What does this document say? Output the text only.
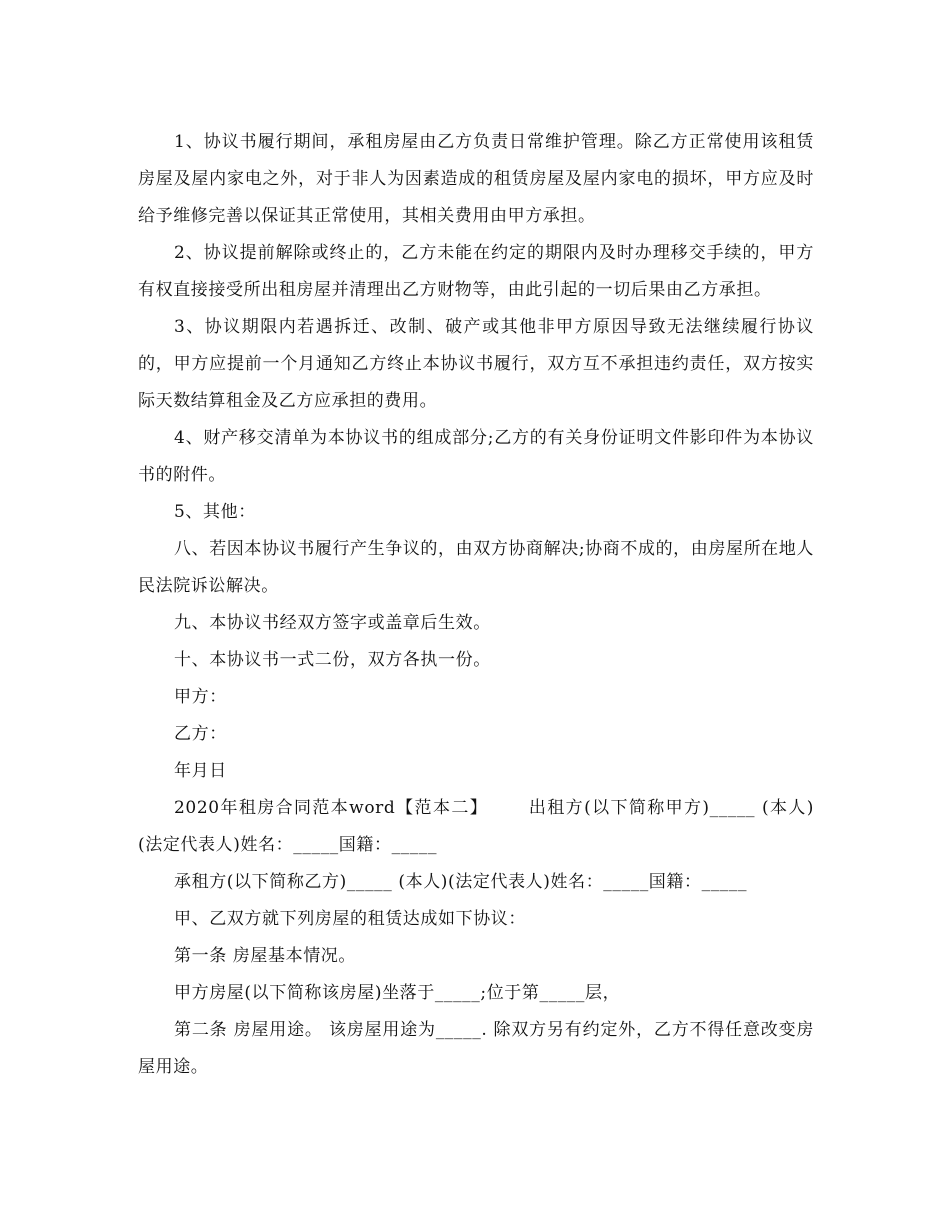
1、协议书履行期间，承租房屋由乙方负责日常维护管理。除乙方正常使用该租赁房屋及屋内家电之外，对于非人为因素造成的租赁房屋及屋内家电的损坏，甲方应及时给予维修完善以保证其正常使用，其相关费用由甲方承担。

2、协议提前解除或终止的，乙方未能在约定的期限内及时办理移交手续的，甲方有权直接接受所出租房屋并清理出乙方财物等，由此引起的一切后果由乙方承担。

3、协议期限内若遇拆迁、改制、破产或其他非甲方原因导致无法继续履行协议的，甲方应提前一个月通知乙方终止本协议书履行，双方互不承担违约责任，双方按实际天数结算租金及乙方应承担的费用。

4、财产移交清单为本协议书的组成部分;乙方的有关身份证明文件影印件为本协议书的附件。

5、其他：

八、若因本协议书履行产生争议的，由双方协商解决;协商不成的，由房屋所在地人民法院诉讼解决。

九、本协议书经双方签字或盖章后生效。

十、本协议书一式二份，双方各执一份。

甲方：

乙方：

年月日

2020年租房合同范本word【范本二】 出租方(以下简称甲方)_____ (本人)(法定代表人)姓名：_____国籍：_____

承租方(以下简称乙方)_____ (本人)(法定代表人)姓名：_____国籍：_____

甲、乙双方就下列房屋的租赁达成如下协议：

第一条 房屋基本情况。

甲方房屋(以下简称该房屋)坐落于_____;位于第_____层，

第二条 房屋用途。 该房屋用途为_____. 除双方另有约定外，乙方不得任意改变房屋用途。
